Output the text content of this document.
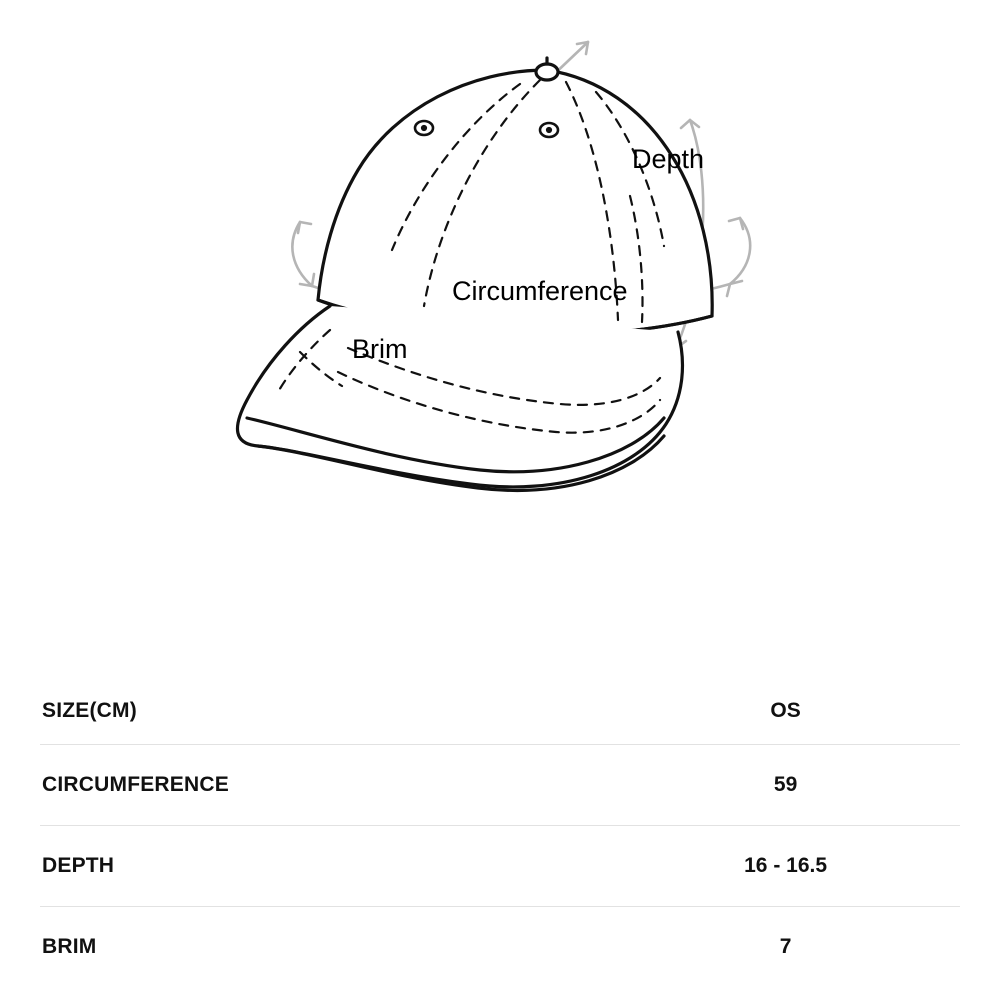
Depth
Circumference
Brim
SIZE(CM)	OS
CIRCUMFERENCE	59
DEPTH	16 - 16.5
BRIM	7
